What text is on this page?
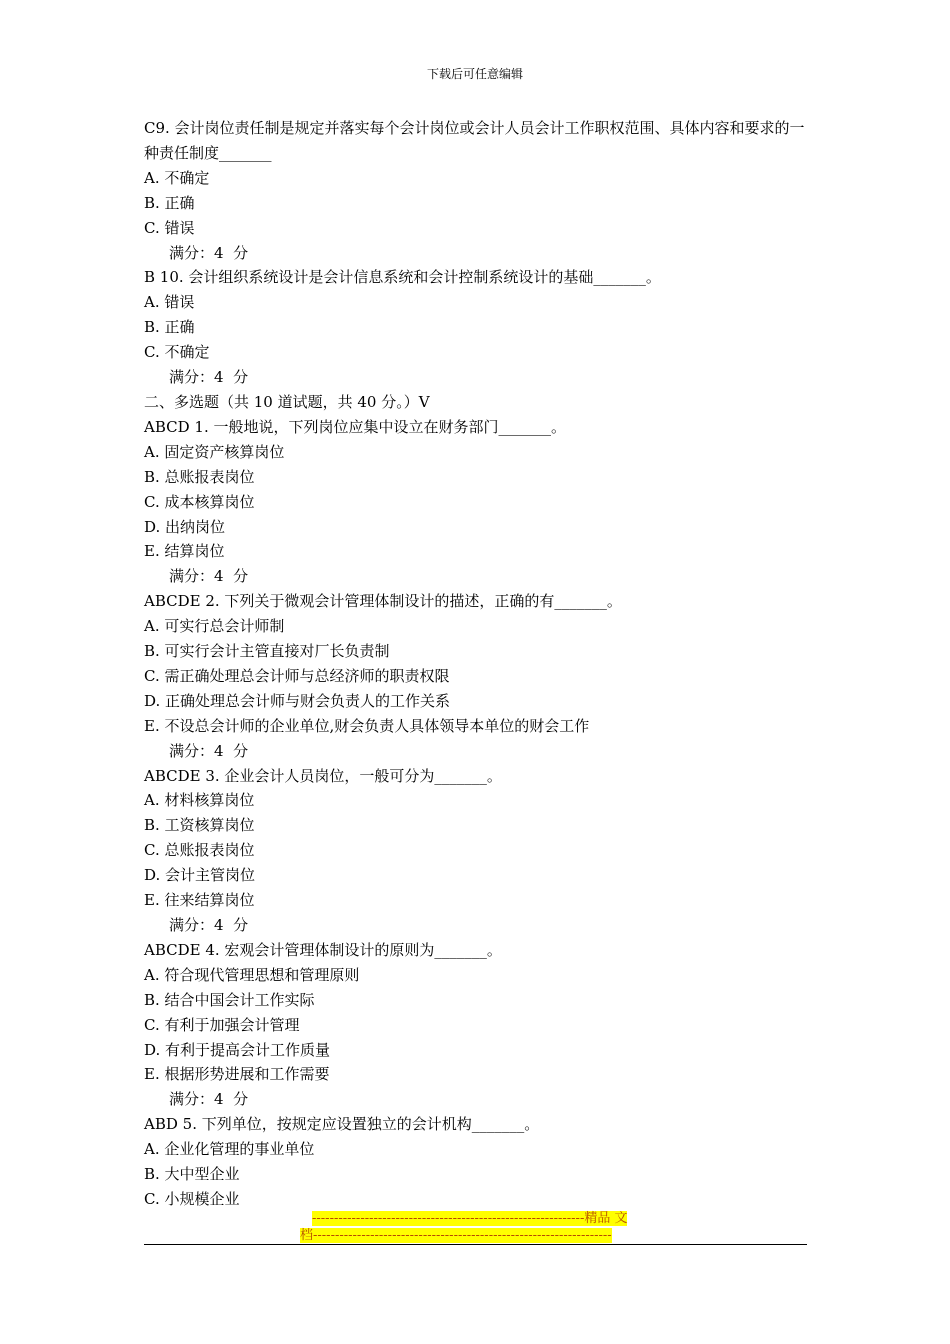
下载后可任意编辑
C9. 会计岗位责任制是规定并落实每个会计岗位或会计人员会计工作职权范围、具体内容和要求的一种责任制度_______
A. 不确定
B. 正确
C. 错误
满分：4  分
B 10. 会计组织系统设计是会计信息系统和会计控制系统设计的基础_______。
A. 错误
B. 正确
C. 不确定
满分：4  分
二、多选题（共 10 道试题，共 40 分。）V
ABCD 1. 一般地说，下列岗位应集中设立在财务部门_______。
A. 固定资产核算岗位
B. 总账报表岗位
C. 成本核算岗位
D. 出纳岗位
E. 结算岗位
满分：4  分
ABCDE 2. 下列关于微观会计管理体制设计的描述，正确的有_______。
A. 可实行总会计师制
B. 可实行会计主管直接对厂长负责制
C. 需正确处理总会计师与总经济师的职责权限
D. 正确处理总会计师与财会负责人的工作关系
E. 不设总会计师的企业单位,财会负责人具体领导本单位的财会工作
满分：4  分
ABCDE 3. 企业会计人员岗位，一般可分为_______。
A. 材料核算岗位
B. 工资核算岗位
C. 总账报表岗位
D. 会计主管岗位
E. 往来结算岗位
满分：4  分
ABCDE 4. 宏观会计管理体制设计的原则为_______。
A. 符合现代管理思想和管理原则
B. 结合中国会计工作实际
C. 有利于加强会计管理
D. 有利于提高会计工作质量
E. 根据形势进展和工作需要
满分：4  分
ABD 5. 下列单位，按规定应设置独立的会计机构_______。
A. 企业化管理的事业单位
B. 大中型企业
C. 小规模企业
--------------------------------------------------------------精品 文
档--------------------------------------------------------------------
